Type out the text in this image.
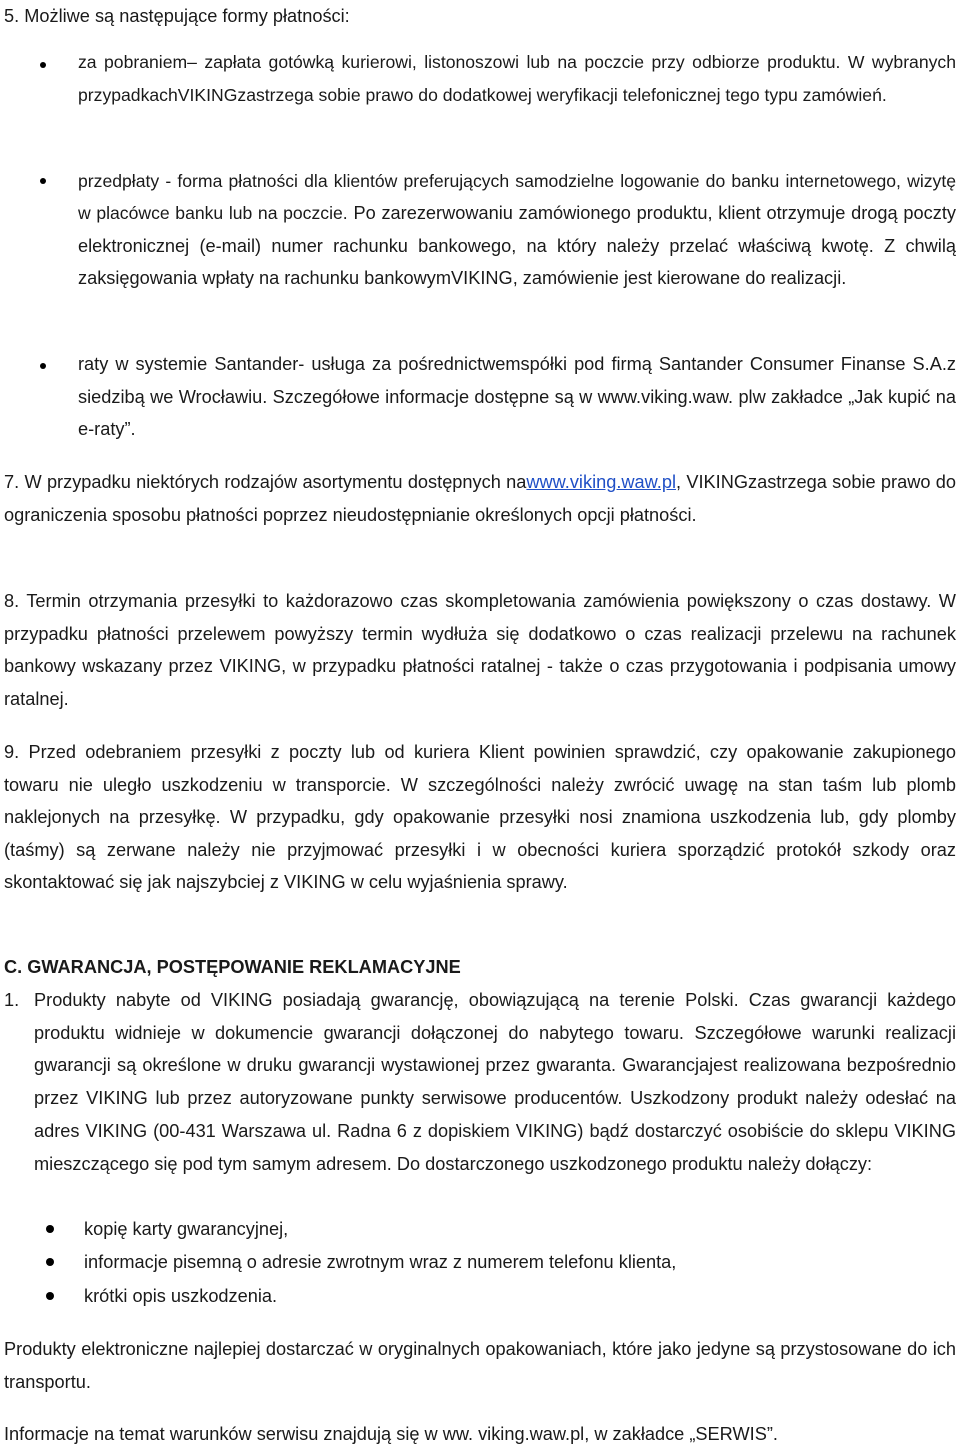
5. Możliwe są następujące formy płatności:

za pobraniem– zapłata gotówką kurierowi, listonoszowi lub na poczcie przy odbiorze produktu. W wybranych przypadkachVIKINGzastrzega sobie prawo do dodatkowej weryfikacji telefonicznej tego typu zamówień.

przedpłaty - forma płatności dla klientów preferujących samodzielne logowanie do banku internetowego, wizytę w placówce banku lub na poczcie. Po zarezerwowaniu zamówionego produktu, klient otrzymuje drogą poczty elektronicznej (e-mail) numer rachunku bankowego, na który należy przelać właściwą kwotę. Z chwilą zaksięgowania wpłaty na rachunku bankowymVIKING, zamówienie jest kierowane do realizacji.

raty w systemie Santander- usługa za pośrednictwemspółki pod firmą Santander Consumer Finanse S.A.z siedzibą we Wrocławiu. Szczegółowe informacje dostępne są w www.viking.waw. plw zakładce „Jak kupić na e-raty”.

7. W przypadku niektórych rodzajów asortymentu dostępnych nawww.viking.waw.pl, VIKINGzastrzega sobie prawo do ograniczenia sposobu płatności poprzez nieudostępnianie określonych opcji płatności.

8. Termin otrzymania przesyłki to każdorazowo czas skompletowania zamówienia powiększony o czas dostawy. W przypadku płatności przelewem powyższy termin wydłuża się dodatkowo o czas realizacji przelewu na rachunek bankowy wskazany przez VIKING, w przypadku płatności ratalnej - także o czas przygotowania i podpisania umowy ratalnej.

9. Przed odebraniem przesyłki z poczty lub od kuriera Klient powinien sprawdzić, czy opakowanie zakupionego towaru nie uległo uszkodzeniu w transporcie. W szczególności należy zwrócić uwagę na stan taśm lub plomb naklejonych na przesyłkę. W przypadku, gdy opakowanie przesyłki nosi znamiona uszkodzenia lub, gdy plomby (taśmy) są zerwane należy nie przyjmować przesyłki i w obecności kuriera sporządzić protokół szkody oraz skontaktować się jak najszybciej z VIKING w celu wyjaśnienia sprawy.

C. GWARANCJA, POSTĘPOWANIE REKLAMACYJNE

1. Produkty nabyte od VIKING posiadają gwarancję, obowiązującą na terenie Polski. Czas gwarancji każdego produktu widnieje w dokumencie gwarancji dołączonej do nabytego towaru. Szczegółowe warunki realizacji gwarancji są określone w druku gwarancji wystawionej przez gwaranta. Gwarancjajest realizowana bezpośrednio przez VIKING lub przez autoryzowane punkty serwisowe producentów. Uszkodzony produkt należy odesłać na adres VIKING (00-431 Warszawa ul. Radna 6 z dopiskiem VIKING) bądź dostarczyć osobiście do sklepu VIKING mieszczącego się pod tym samym adresem. Do dostarczonego uszkodzonego produktu należy dołączy:

kopię karty gwarancyjnej,

informacje pisemną o adresie zwrotnym wraz z numerem telefonu klienta,

krótki opis uszkodzenia.

Produkty elektroniczne najlepiej dostarczać w oryginalnych opakowaniach, które jako jedyne są przystosowane do ich transportu.

Informacje na temat warunków serwisu znajdują się w ww. viking.waw.pl, w zakładce „SERWIS”.
